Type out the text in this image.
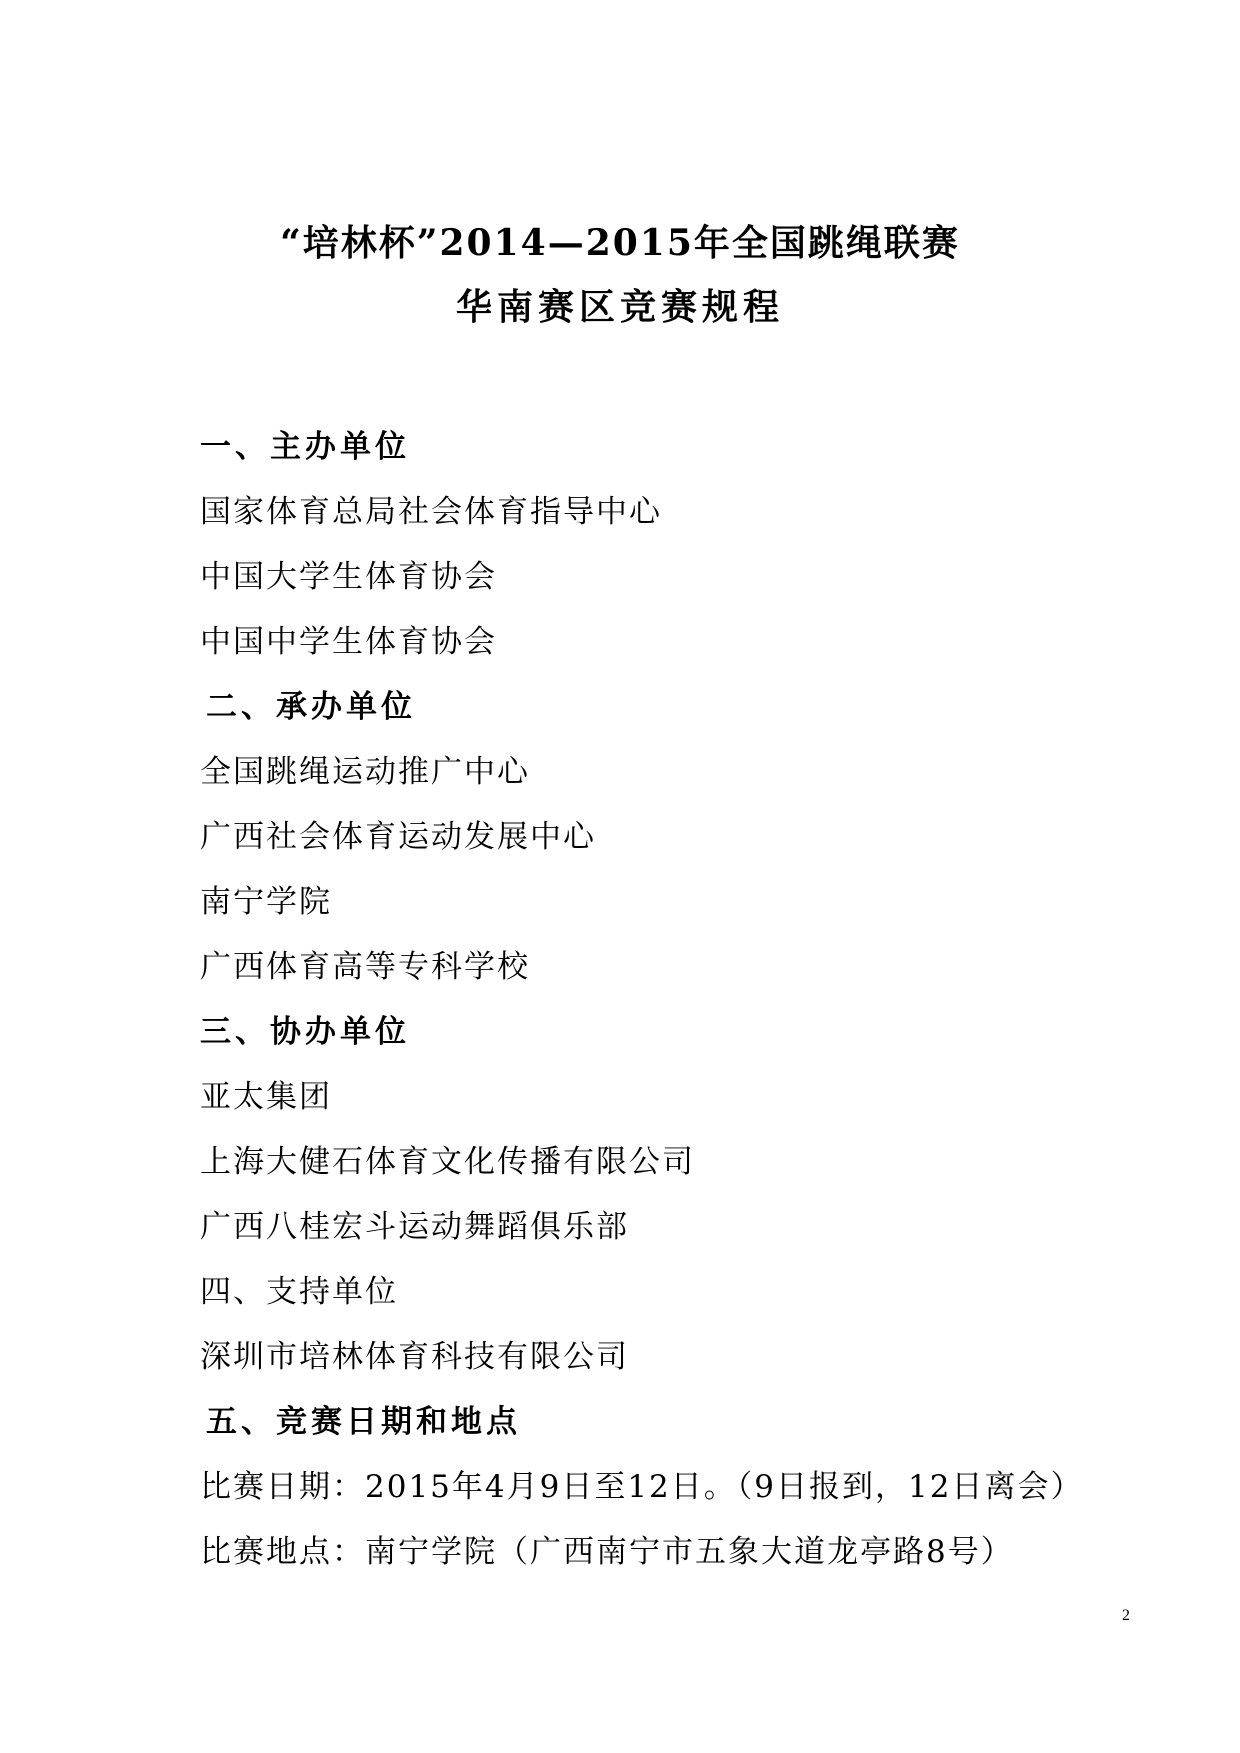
“培林杯”2014—2015年全国跳绳联赛
华南赛区竞赛规程
一、主办单位
国家体育总局社会体育指导中心
中国大学生体育协会
中国中学生体育协会
二、承办单位
全国跳绳运动推广中心
广西社会体育运动发展中心
南宁学院
广西体育高等专科学校
三、协办单位
亚太集团
上海大健石体育文化传播有限公司
广西八桂宏斗运动舞蹈俱乐部
四、支持单位
深圳市培林体育科技有限公司
五、竞赛日期和地点
比赛日期：2015年4月9日至12日。（9日报到，12日离会）
比赛地点：南宁学院（广西南宁市五象大道龙亭路8号）
2
